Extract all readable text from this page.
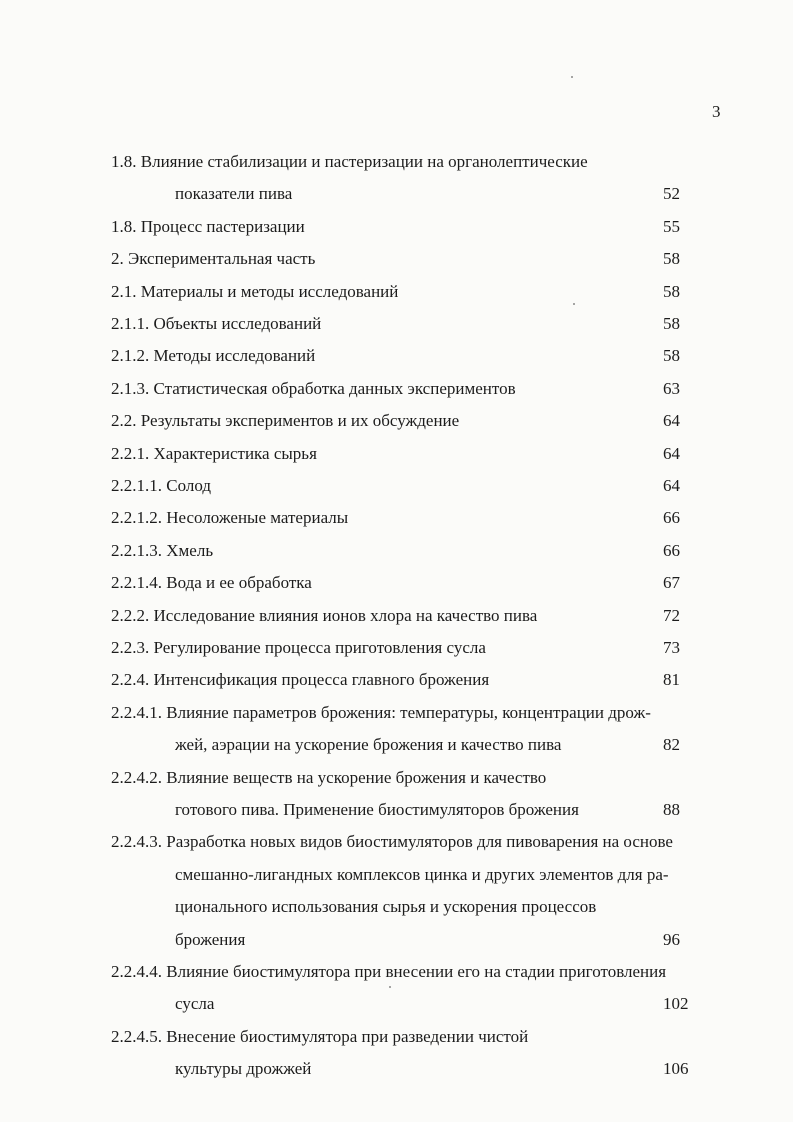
3
1.8. Влияние стабилизации и пастеризации на органолептические
показатели пива	52
1.8. Процесс пастеризации	55
2. Экспериментальная часть	58
2.1. Материалы и методы исследований	58
2.1.1. Объекты исследований	58
2.1.2. Методы исследований	58
2.1.3. Статистическая обработка данных экспериментов	63
2.2. Результаты экспериментов и их обсуждение	64
2.2.1. Характеристика сырья	64
2.2.1.1. Солод	64
2.2.1.2. Несоложеные материалы	66
2.2.1.3. Хмель	66
2.2.1.4. Вода и ее обработка	67
2.2.2. Исследование влияния ионов хлора на качество пива	72
2.2.3. Регулирование процесса приготовления сусла	73
2.2.4. Интенсификация процесса главного брожения	81
2.2.4.1. Влияние параметров брожения: температуры, концентрации дрож-
жей, аэрации на ускорение брожения и качество пива	82
2.2.4.2. Влияние веществ на ускорение брожения и качество
готового пива. Применение биостимуляторов брожения	88
2.2.4.3. Разработка новых видов биостимуляторов для пивоварения на основе
смешанно-лигандных комплексов цинка и других элементов для ра-
ционального использования сырья и ускорения процессов
брожения	96
2.2.4.4. Влияние биостимулятора при внесении его на стадии приготовления
сусла	102
2.2.4.5. Внесение биостимулятора при разведении чистой
культуры дрожжей	106
